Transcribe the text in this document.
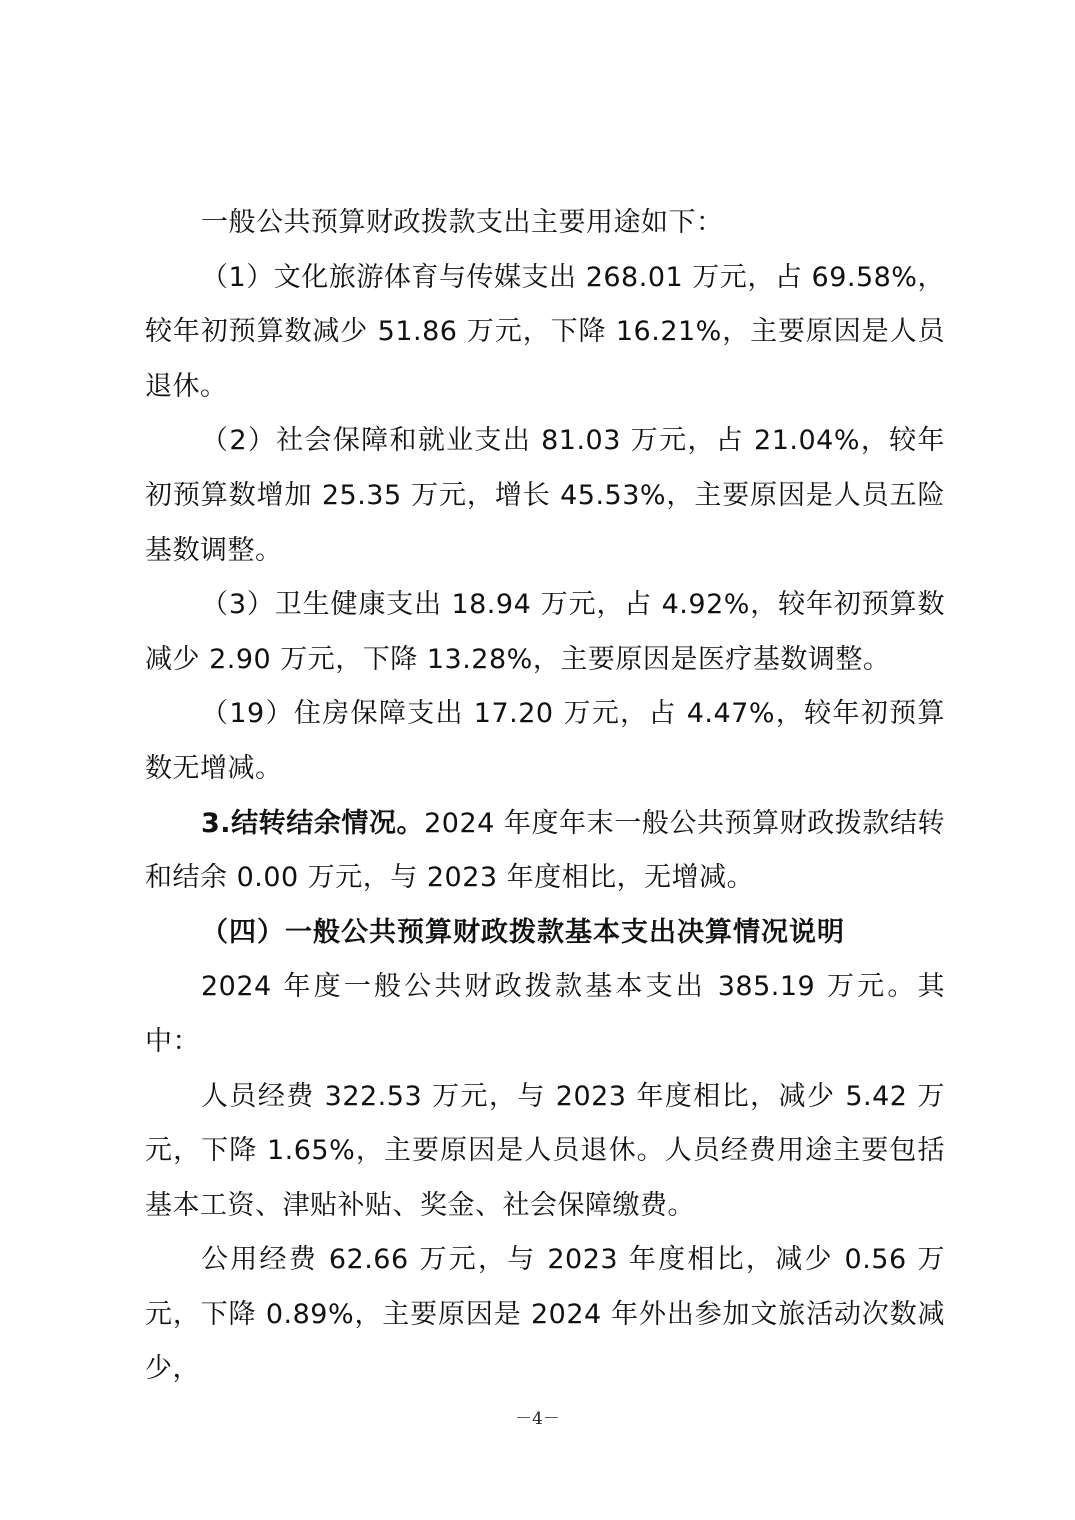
一般公共预算财政拨款支出主要用途如下：

（1）文化旅游体育与传媒支出 268.01 万元，占 69.58%，较年初预算数减少 51.86 万元，下降 16.21%，主要原因是人员退休。

（2）社会保障和就业支出 81.03 万元，占 21.04%，较年初预算数增加 25.35 万元，增长 45.53%，主要原因是人员五险基数调整。

（3）卫生健康支出 18.94 万元，占 4.92%，较年初预算数减少 2.90 万元，下降 13.28%，主要原因是医疗基数调整。

（19）住房保障支出 17.20 万元，占 4.47%，较年初预算数无增减。

3.结转结余情况。2024 年度年末一般公共预算财政拨款结转和结余 0.00 万元，与 2023 年度相比，无增减。

（四）一般公共预算财政拨款基本支出决算情况说明

2024 年度一般公共财政拨款基本支出 385.19 万元。其中：

人员经费 322.53 万元，与 2023 年度相比，减少 5.42 万元，下降 1.65%，主要原因是人员退休。人员经费用途主要包括基本工资、津贴补贴、奖金、社会保障缴费。

公用经费 62.66 万元，与 2023 年度相比，减少 0.56 万元，下降 0.89%，主要原因是 2024 年外出参加文旅活动次数减少，

－4－
